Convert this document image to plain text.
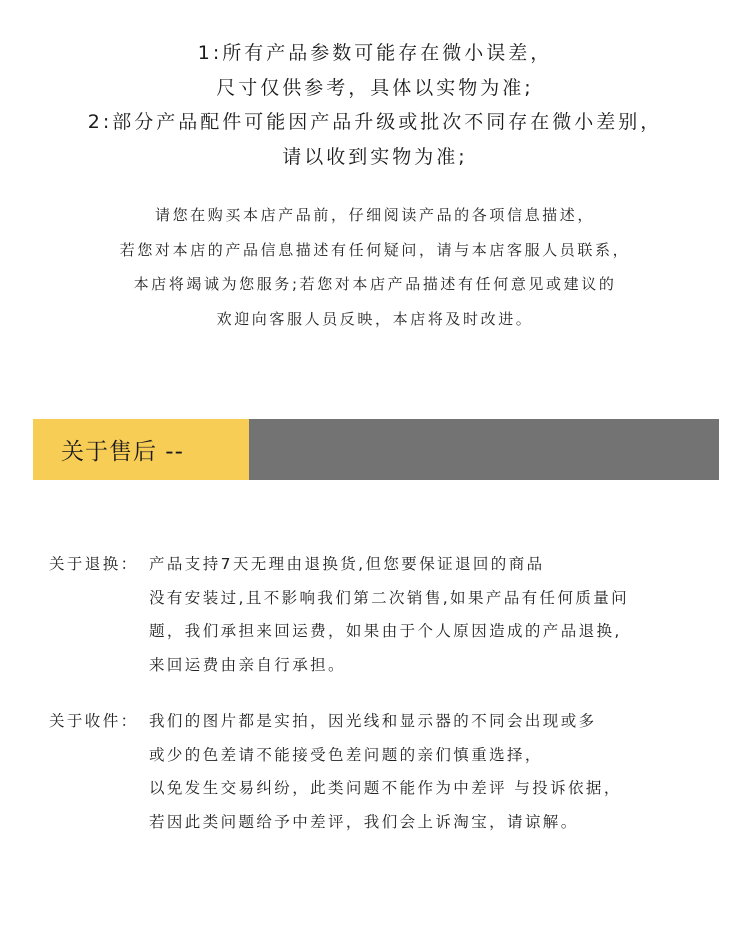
1:所有产品参数可能存在微小误差，
尺寸仅供参考，具体以实物为准;
2:部分产品配件可能因产品升级或批次不同存在微小差别，
请以收到实物为准;
请您在购买本店产品前，仔细阅读产品的各项信息描述，
若您对本店的产品信息描述有任何疑问，请与本店客服人员联系，
本店将竭诚为您服务;若您对本店产品描述有任何意见或建议的
欢迎向客服人员反映，本店将及时改进。
关于售后 --
关于退换： 产品支持7天无理由退换货,但您要保证退回的商品
没有安装过,且不影响我们第二次销售,如果产品有任何质量问
题，我们承担来回运费，如果由于个人原因造成的产品退换,
来回运费由亲自行承担。
关于收件： 我们的图片都是实拍，因光线和显示器的不同会出现或多
或少的色差请不能接受色差问题的亲们慎重选择，
以免发生交易纠纷，此类问题不能作为中差评 与投诉依据，
若因此类问题给予中差评，我们会上诉淘宝，请谅解。
